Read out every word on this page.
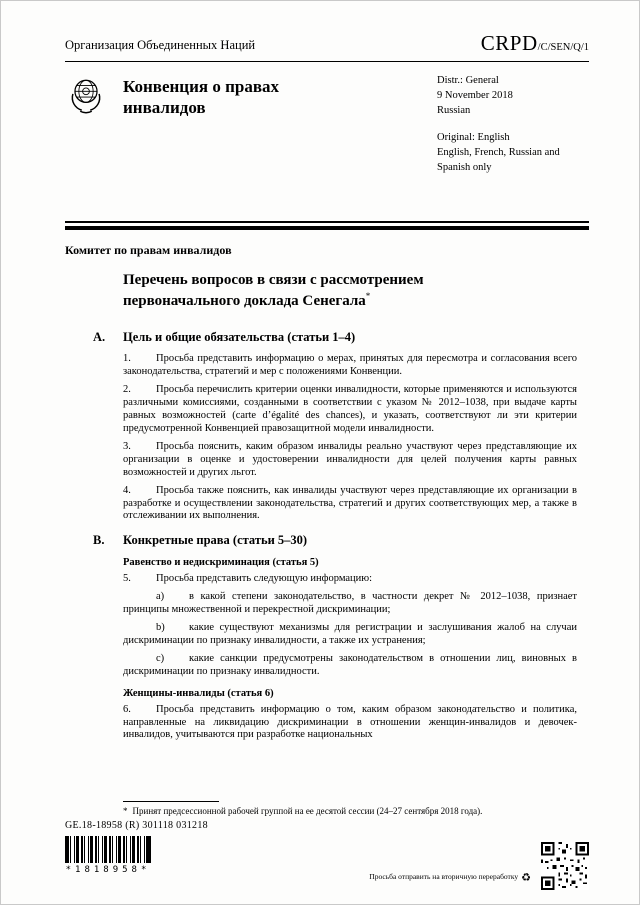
Организация Объединенных Наций	CRPD/C/SEN/Q/1
Конвенция о правах инвалидов
Distr.: General
9 November 2018
Russian
Original: English
English, French, Russian and Spanish only
Комитет по правам инвалидов
Перечень вопросов в связи с рассмотрением
первоначального доклада Сенегала*
A. Цель и общие обязательства (статьи 1–4)

1. Просьба представить информацию о мерах, принятых для пересмотра и согласования всего законодательства, стратегий и мер с положениями Конвенции.

2. Просьба перечислить критерии оценки инвалидности, которые применяются и используются различными комиссиями, созданными в соответствии с указом № 2012–1038, при выдаче карты равных возможностей (carte d’égalité des chances), и указать, соответствуют ли эти критерии предусмотренной Конвенцией правозащитной модели инвалидности.

3. Просьба пояснить, каким образом инвалиды реально участвуют через представляющие их организации в оценке и удостоверении инвалидности для целей получения карты равных возможностей и других льгот.

4. Просьба также пояснить, как инвалиды участвуют через представляющие их организации в разработке и осуществлении законодательства, стратегий и других соответствующих мер, а также в отслеживании их выполнения.

B. Конкретные права (статьи 5–30)
Равенство и недискриминация (статья 5)

5. Просьба представить следующую информацию:

a) в какой степени законодательство, в частности декрет № 2012–1038, признает принципы множественной и перекрестной дискриминации;

b) какие существуют механизмы для регистрации и заслушивания жалоб на случаи дискриминации по признаку инвалидности, а также их устранения;

c) какие санкции предусмотрены законодательством в отношении лиц, виновных в дискриминации по признаку инвалидности.

Женщины-инвалиды (статья 6)

6. Просьба представить информацию о том, каким образом законодательство и политика, направленные на ликвидацию дискриминации в отношении женщин-инвалидов и девочек-инвалидов, учитываются при разработке национальных

* Принят предсессионной рабочей группой на ее десятой сессии (24–27 сентября 2018 года).
GE.18-18958 (R) 301118 031218
*1818958*
Просьба отправить на вторичную переработку ♻
